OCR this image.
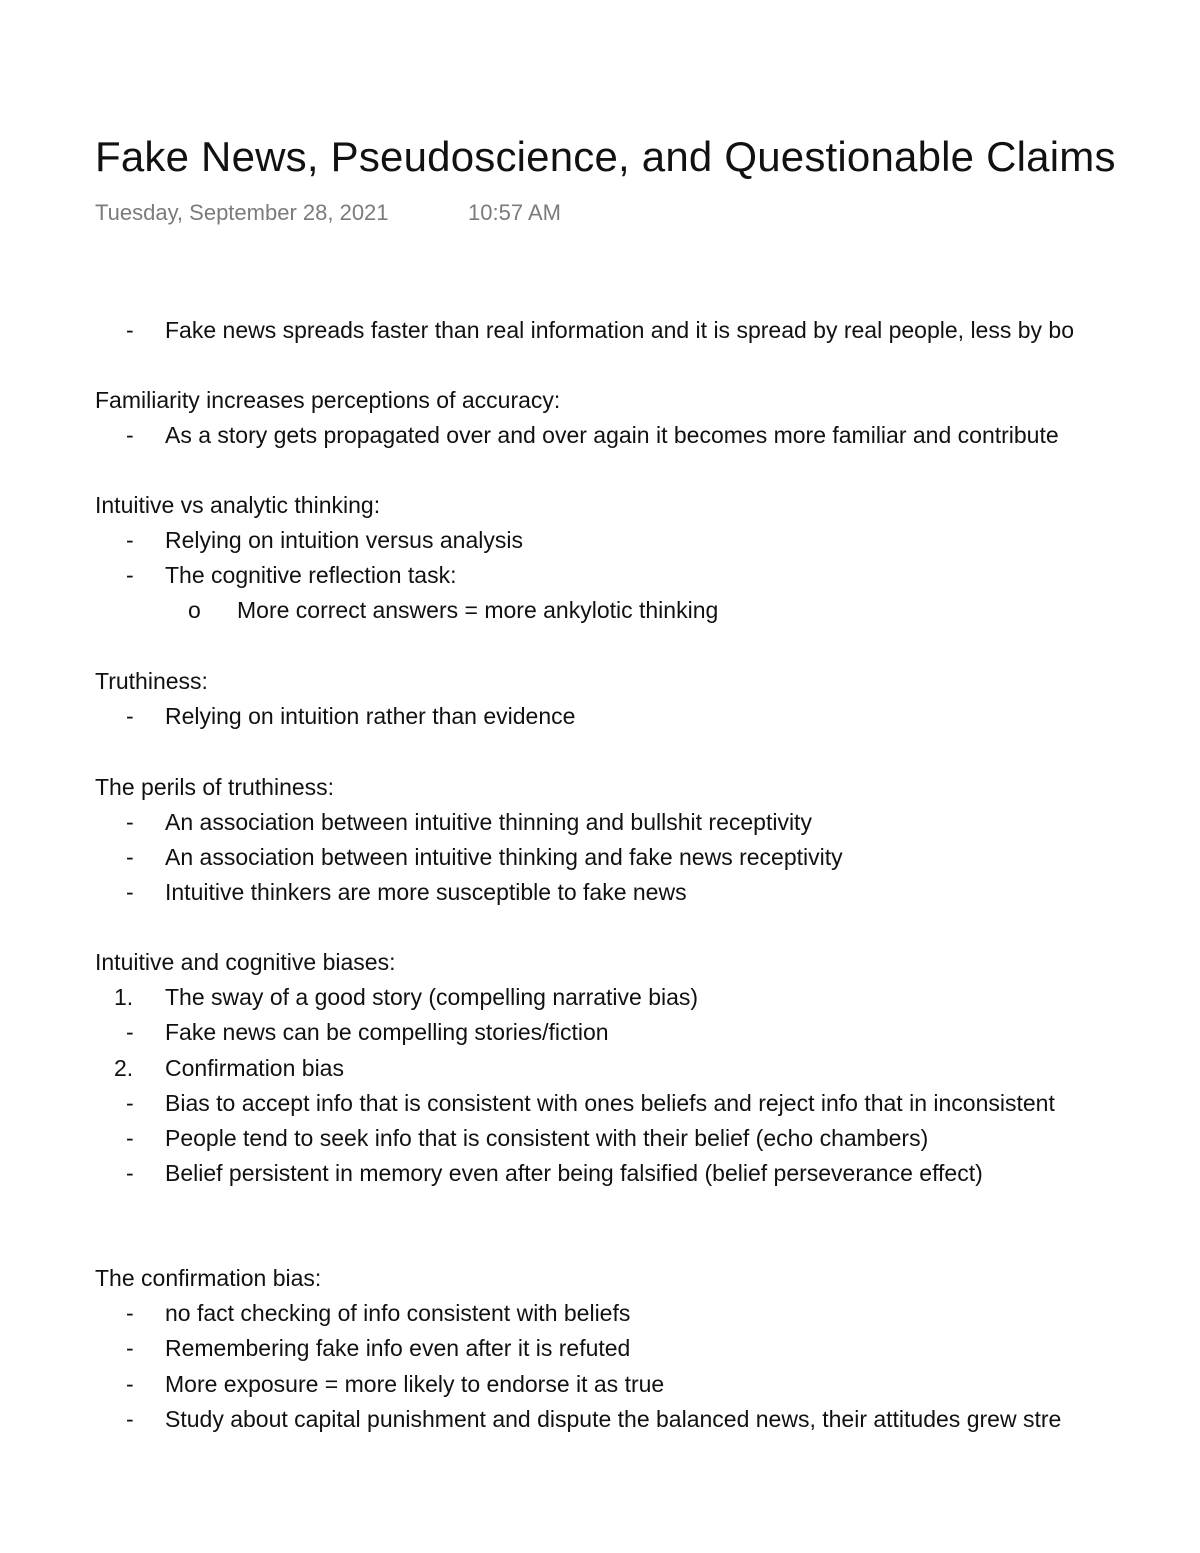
Fake News, Pseudoscience, and Questionable Claims
Tuesday, September 28, 2021	10:57 AM
-	Fake news spreads faster than real information and it is spread by real people, less by bo
Familiarity increases perceptions of accuracy:
-	As a story gets propagated over and over again it becomes more familiar and contribute
Intuitive vs analytic thinking:
-	Relying on intuition versus analysis
-	The cognitive reflection task:
o More correct answers = more ankylotic thinking
Truthiness:
-	Relying on intuition rather than evidence
The perils of truthiness:
-	An association between intuitive thinning and bullshit receptivity
-	An association between intuitive thinking and fake news receptivity
-	Intuitive thinkers are more susceptible to fake news
Intuitive and cognitive biases:
1. The sway of a good story (compelling narrative bias)
-	Fake news can be compelling stories/fiction
2. Confirmation bias
-	Bias to accept info that is consistent with ones beliefs and reject info that in inconsistent
-	People tend to seek info that is consistent with their belief (echo chambers)
-	Belief persistent in memory even after being falsified (belief perseverance effect)
The confirmation bias:
-	no fact checking of info consistent with beliefs
-	Remembering fake info even after it is refuted
-	More exposure = more likely to endorse it as true
-	Study about capital punishment and dispute the balanced news, their attitudes grew stre
